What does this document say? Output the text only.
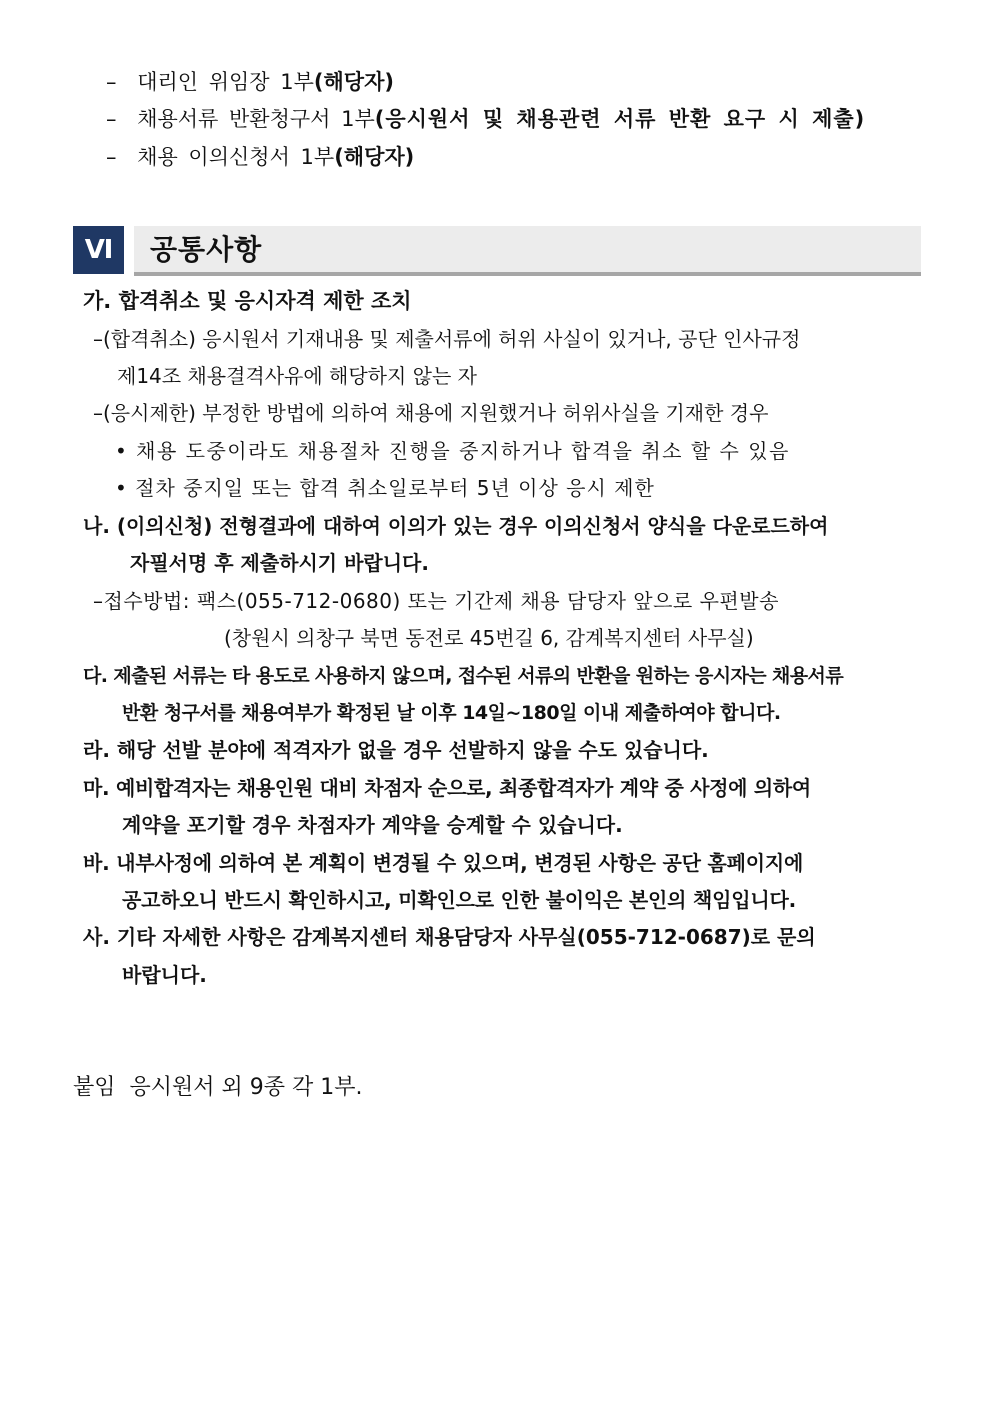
– 대리인 위임장 1부(해당자)
– 채용서류 반환청구서 1부(응시원서 및 채용관련 서류 반환 요구 시 제출)
– 채용 이의신청서 1부(해당자)
Ⅵ	공통사항
가. 합격취소 및 응시자격 제한 조치
–(합격취소) 응시원서 기재내용 및 제출서류에 허위 사실이 있거나, 공단 인사규정
제14조 채용결격사유에 해당하지 않는 자
–(응시제한) 부정한 방법에 의하여 채용에 지원했거나 허위사실을 기재한 경우
• 채용 도중이라도 채용절차 진행을 중지하거나 합격을 취소 할 수 있음
• 절차 중지일 또는 합격 취소일로부터 5년 이상 응시 제한
나. (이의신청) 전형결과에 대하여 이의가 있는 경우 이의신청서 양식을 다운로드하여
자필서명 후 제출하시기 바랍니다.
–접수방법: 팩스(055-712-0680) 또는 기간제 채용 담당자 앞으로 우편발송
(창원시 의창구 북면 동전로 45번길 6, 감계복지센터 사무실)
다. 제출된 서류는 타 용도로 사용하지 않으며, 접수된 서류의 반환을 원하는 응시자는 채용서류
반환 청구서를 채용여부가 확정된 날 이후 14일~180일 이내 제출하여야 합니다.
라. 해당 선발 분야에 적격자가 없을 경우 선발하지 않을 수도 있습니다.
마. 예비합격자는 채용인원 대비 차점자 순으로, 최종합격자가 계약 중 사정에 의하여
계약을 포기할 경우 차점자가 계약을 승계할 수 있습니다.
바. 내부사정에 의하여 본 계획이 변경될 수 있으며, 변경된 사항은 공단 홈페이지에
공고하오니 반드시 확인하시고, 미확인으로 인한 불이익은 본인의 책임입니다.
사. 기타 자세한 사항은 감계복지센터 채용담당자 사무실(055-712-0687)로 문의
바랍니다.
붙임  응시원서 외 9종 각 1부.
